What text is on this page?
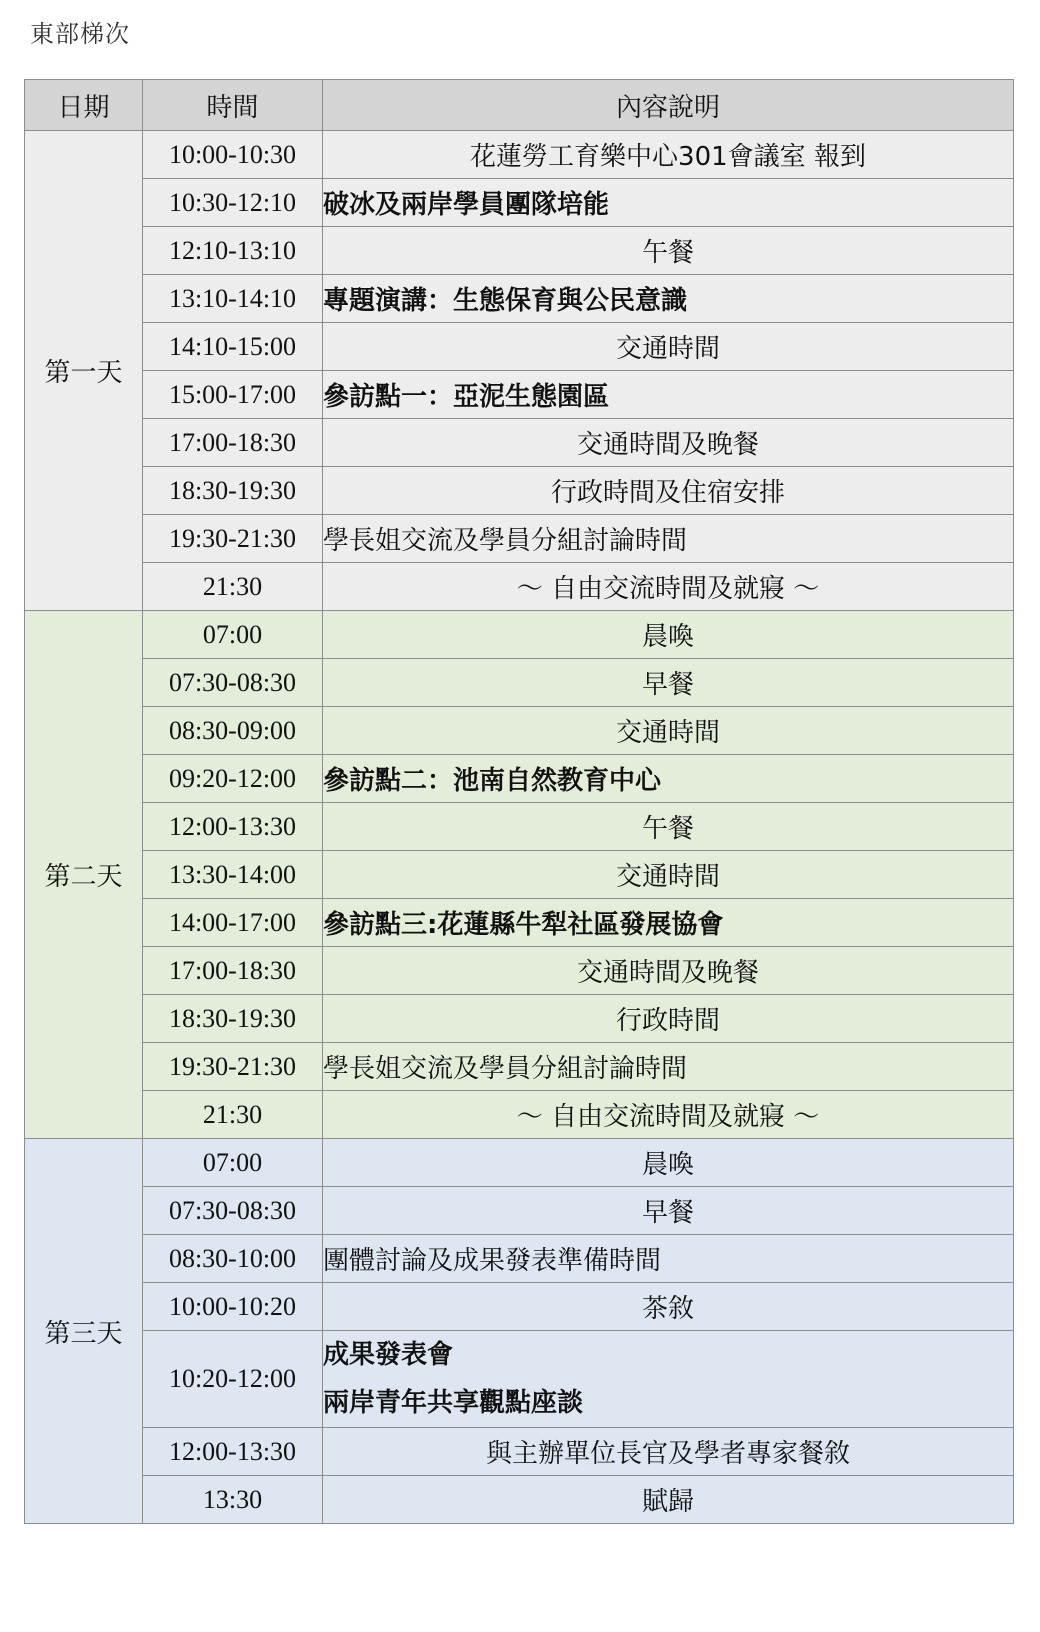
東部梯次
日期	時間	內容說明
第一天	10:00-10:30	花蓮勞工育樂中心301會議室 報到
	10:30-12:10	破冰及兩岸學員團隊培能
	12:10-13:10	午餐
	13:10-14:10	專題演講：生態保育與公民意識
	14:10-15:00	交通時間
	15:00-17:00	參訪點一：亞泥生態園區
	17:00-18:30	交通時間及晚餐
	18:30-19:30	行政時間及住宿安排
	19:30-21:30	學長姐交流及學員分組討論時間
	21:30	～ 自由交流時間及就寢 ～
第二天	07:00	晨喚
	07:30-08:30	早餐
	08:30-09:00	交通時間
	09:20-12:00	參訪點二：池南自然教育中心
	12:00-13:30	午餐
	13:30-14:00	交通時間
	14:00-17:00	參訪點三:花蓮縣牛犁社區發展協會
	17:00-18:30	交通時間及晚餐
	18:30-19:30	行政時間
	19:30-21:30	學長姐交流及學員分組討論時間
	21:30	～ 自由交流時間及就寢 ～
第三天	07:00	晨喚
	07:30-08:30	早餐
	08:30-10:00	團體討論及成果發表準備時間
	10:00-10:20	茶敘
	10:20-12:00	成果發表會
兩岸青年共享觀點座談

	12:00-13:30	與主辦單位長官及學者專家餐敘
	13:30	賦歸
